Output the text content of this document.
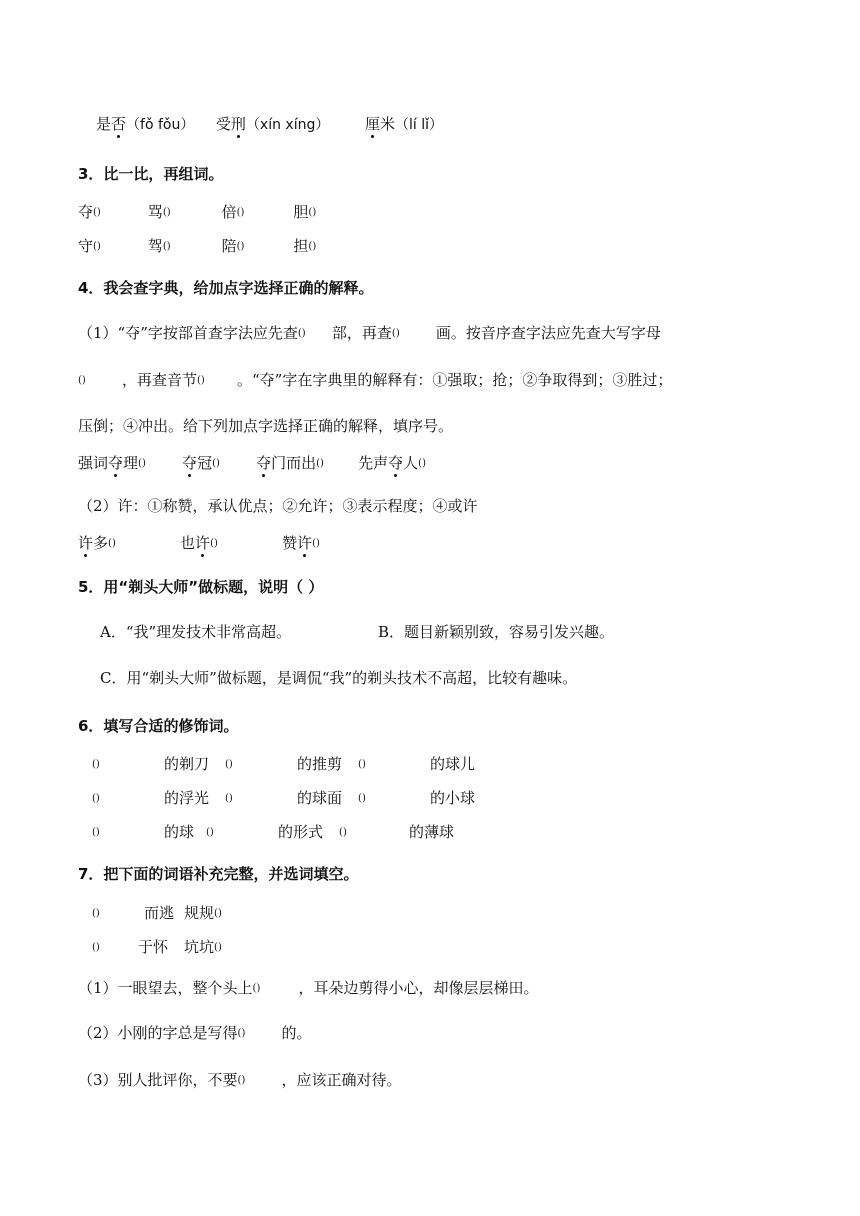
是否（fǒ fǒu） 受刑（xín xíng） 厘米（lí lǐ）
3．比一比，再组词。
夺 ( )	骂 ( )	倍 ( )	胆( )
守 ( )	驾 ( )	陪 ( )	担( )
4．我会查字典，给加点字选择正确的解释。
（1）“夺”字按部首查字法应先查 ( ) 部，再查 ( )	画。按音序查字法应先查大写字母
( )，再查音节 ( )	。“夺”字在字典里的解释有：①强取；抢；②争取得到；③胜过；
压倒；④冲出。给下列加点字选择正确的解释，填序号。
强词夺理 ( )	夺冠 ( )	夺门而出 ( )	先声夺人( )
（2）许：①称赞，承认优点；②允许；③表示程度；④或许
许多 ( )	也许 ( )	赞许( )
5．用“剃头大师”做标题，说明（ ）
A．“我”理发技术非常高超。	B．题目新颖别致，容易引发兴趣。
C．用“剃头大师”做标题，是调侃“我”的剃头技术不高超，比较有趣味。
6．填写合适的修饰词。
( )的剃刀 ( )	的推剪 ( )	的球儿
( )的浮光 ( )	的球面 ( )	的小球
( )的球 ( )	的形式 ( )	的薄球
7．把下面的词语补充完整，并选词填空。
( )而逃 规规( )
( )于怀 坑坑( )
（1）一眼望去，整个头上 ( )	，耳朵边剪得小心，却像层层梯田。
（2）小刚的字总是写得 ( )	的。
（3）别人批评你，不要 ( )	，应该正确对待。
